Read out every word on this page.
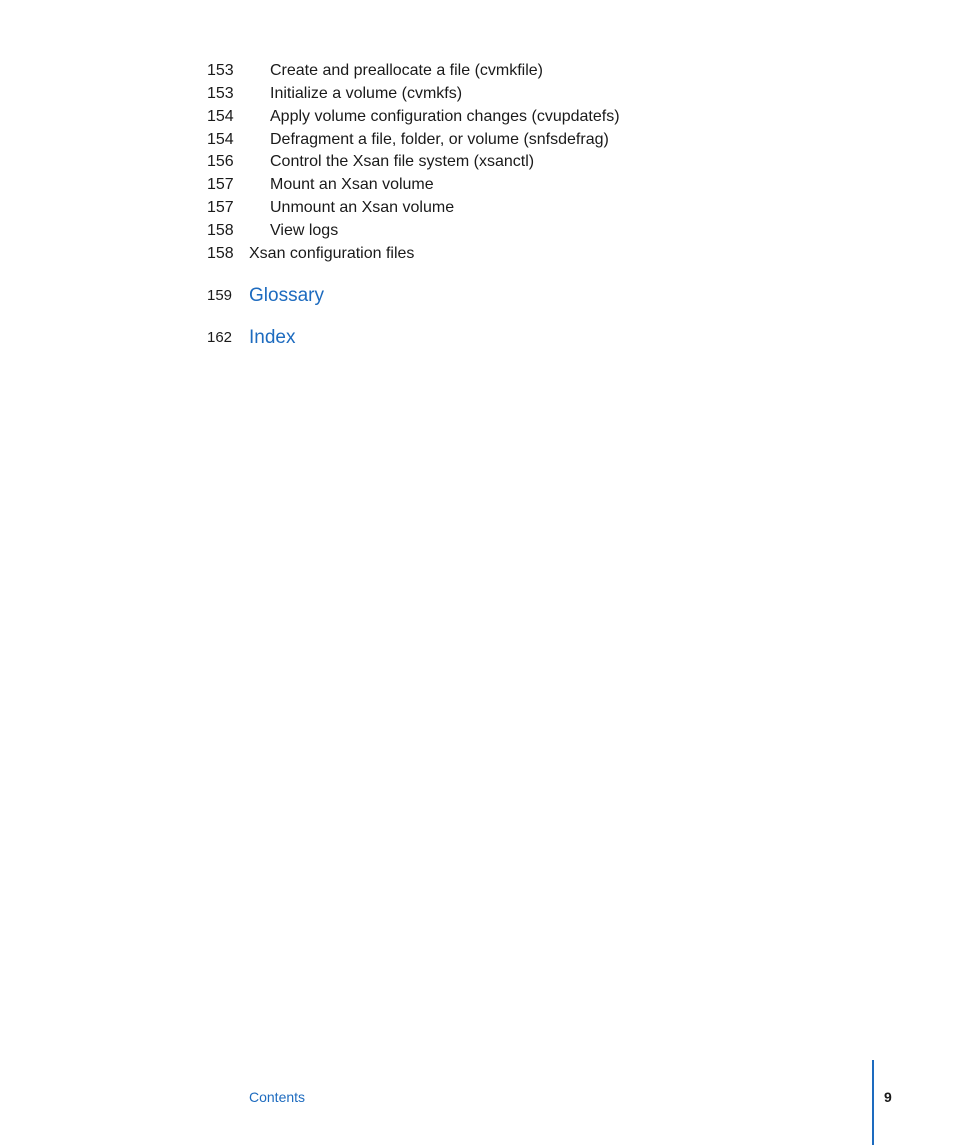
153 Create and preallocate a file (cvmkfile)
153 Initialize a volume (cvmkfs)
154 Apply volume configuration changes (cvupdatefs)
154 Defragment a file, folder, or volume (snfsdefrag)
156 Control the Xsan file system (xsanctl)
157 Mount an Xsan volume
157 Unmount an Xsan volume
158 View logs
158 Xsan configuration files
159 Glossary
162 Index
Contents	9
